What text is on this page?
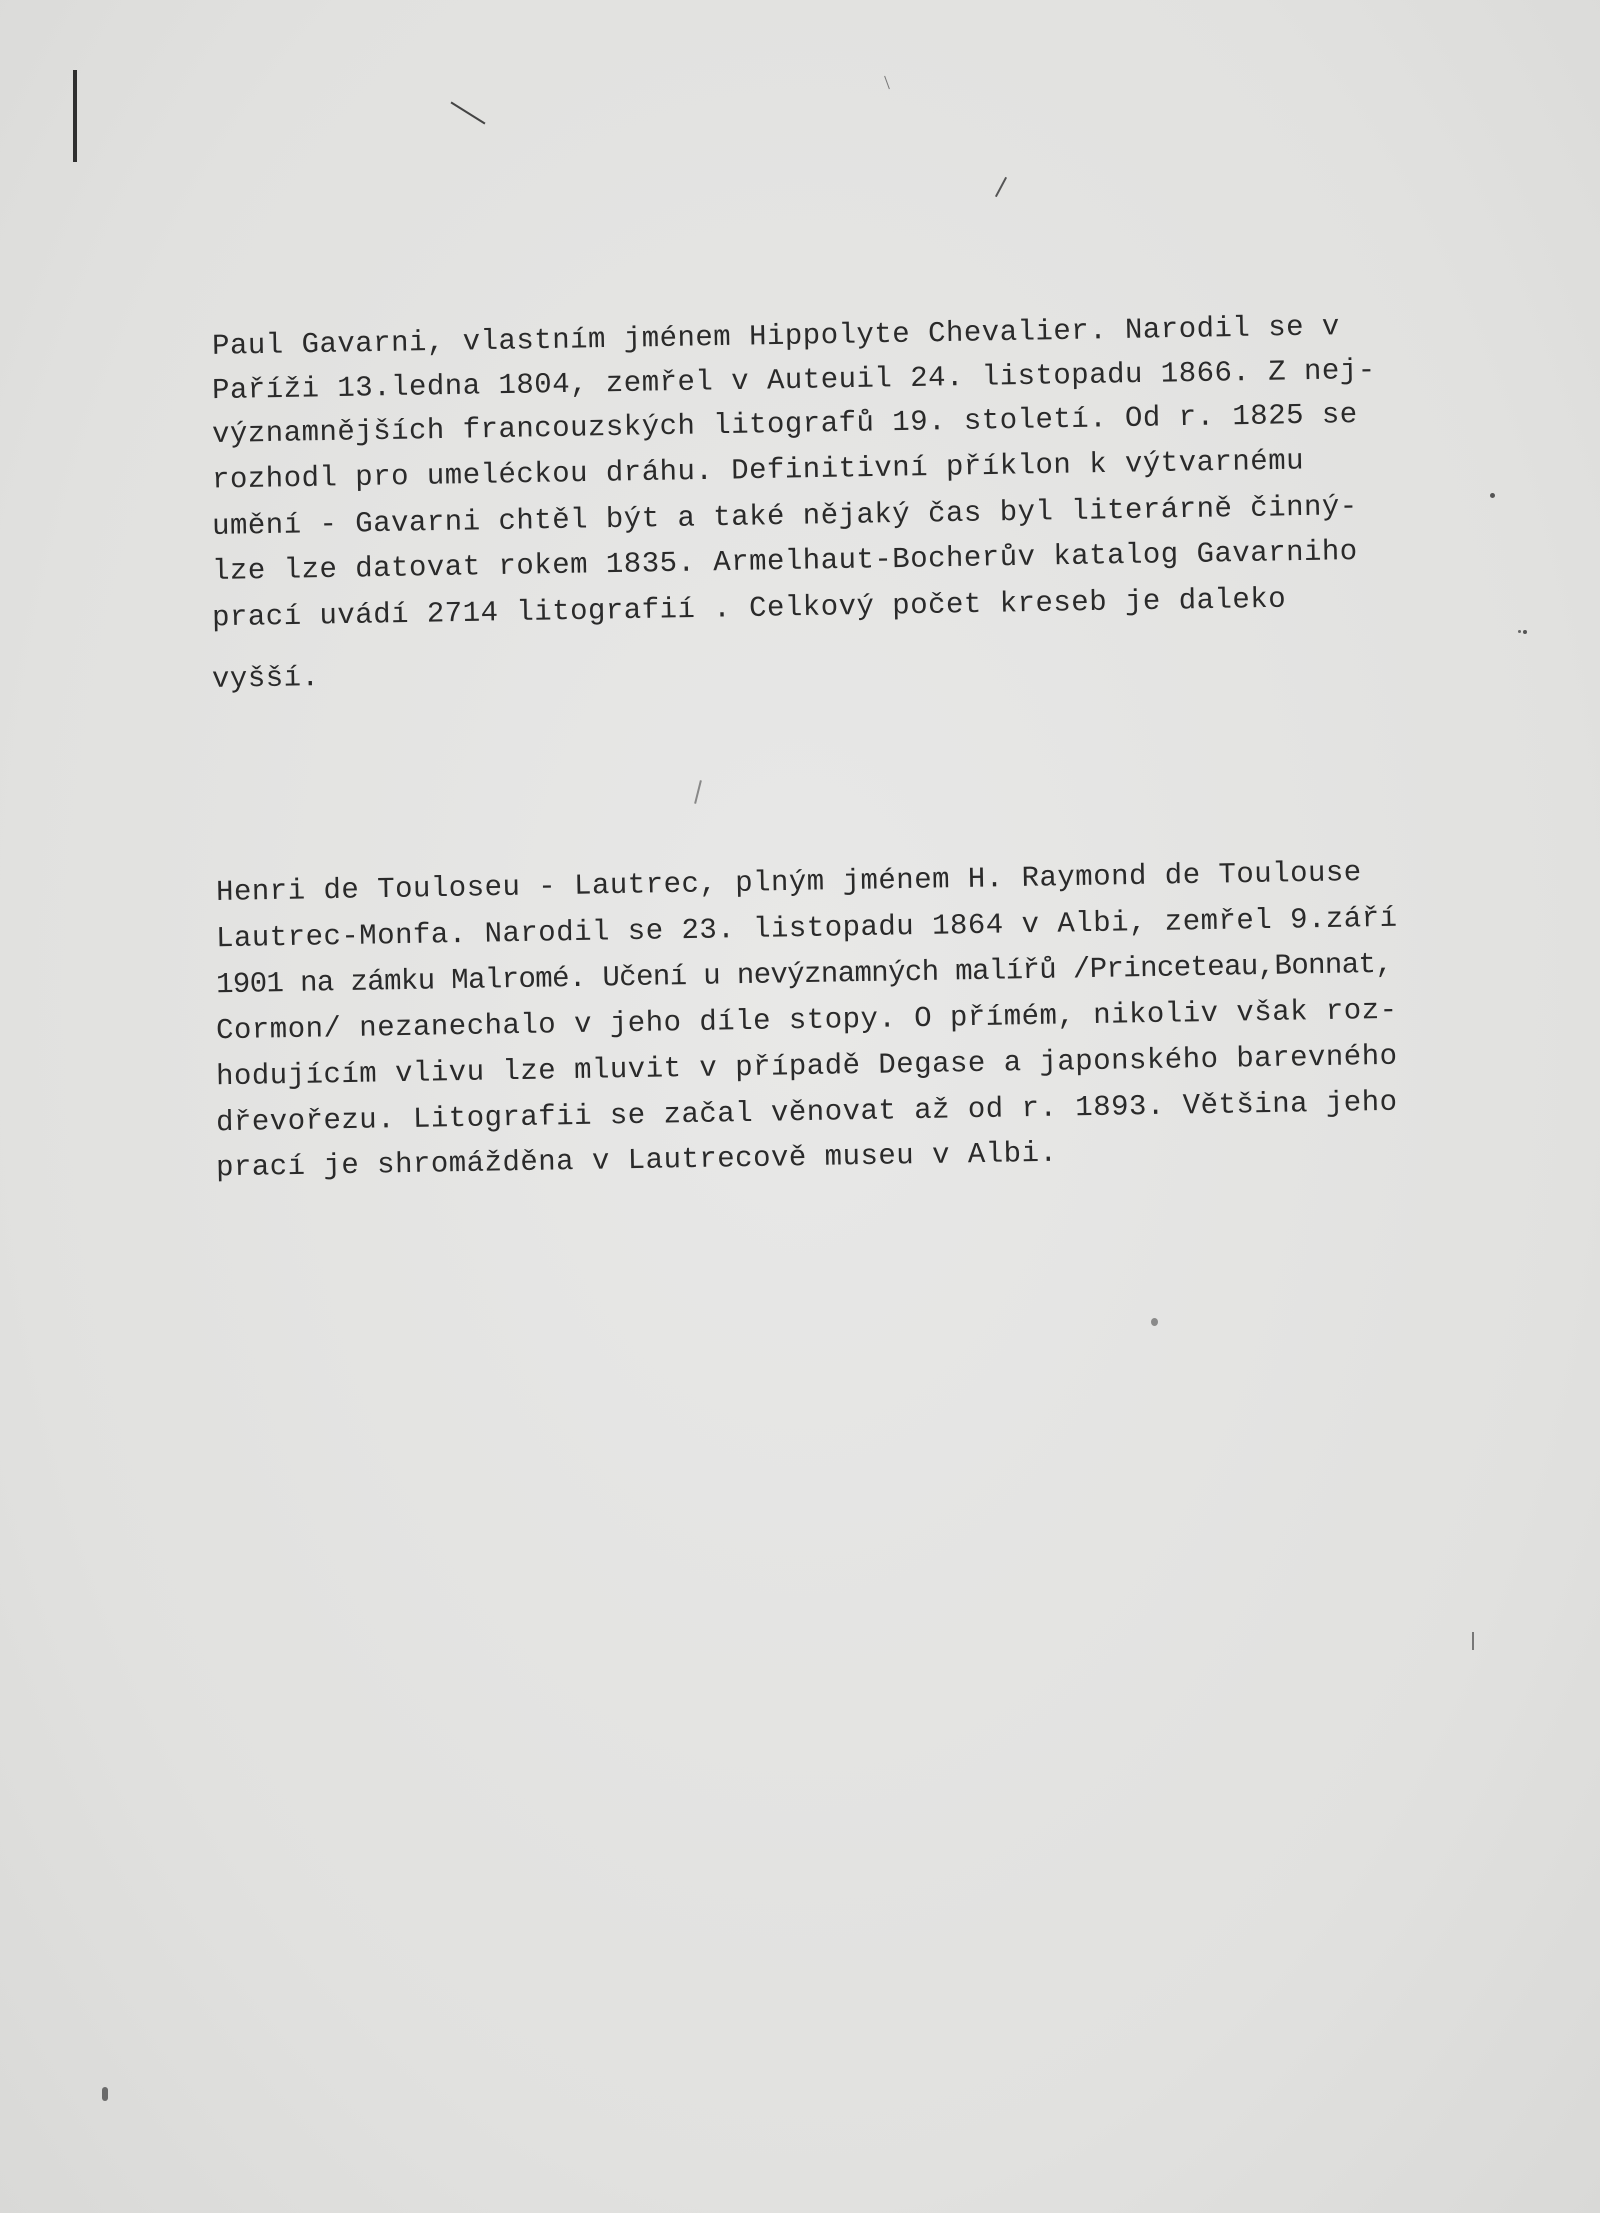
Paul Gavarni, vlastním jménem Hippolyte Chevalier. Narodil se v
Paříži 13.ledna 1804, zemřel v Auteuil 24. listopadu 1866. Z nej-
významnějších francouzských litografů 19. století. Od r. 1825 se
rozhodl pro umeléckou dráhu. Definitivní příklon k výtvarnému
umění - Gavarni chtěl být a také nějaký čas byl literárně činný-
lze lze datovat rokem 1835. Armelhaut-Bocherův katalog Gavarniho
prací uvádí 2714 litografií . Celkový počet kreseb je daleko
vyšší.
Henri de Touloseu - Lautrec, plným jménem H. Raymond de Toulouse
Lautrec-Monfa. Narodil se 23. listopadu 1864 v Albi, zemřel 9.září
1901 na zámku Malromé. Učení u nevýznamných malířů /Princeteau,Bonnat,
Cormon/ nezanechalo v jeho díle stopy. O přímém, nikoliv však roz-
hodujícím vlivu lze mluvit v případě Degase a japonského barevného
dřevořezu. Litografii se začal věnovat až od r. 1893. Většina jeho
prací je shromážděna v Lautrecově museu v Albi.
